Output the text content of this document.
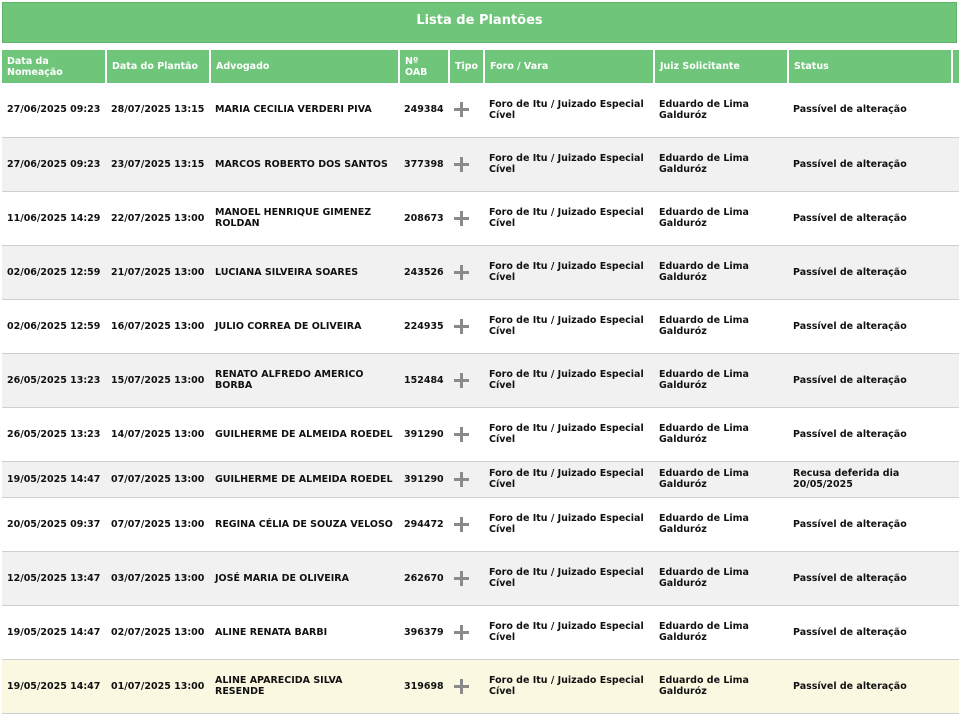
Lista de Plantões
Data da Nomeação	Data do Plantão	Advogado	Nº OAB	Tipo	Foro / Vara	Juiz Solicitante	Status	
27/06/2025 09:23	28/07/2025 13:15	MARIA CECILIA VERDERI PIVA	249384		Foro de Itu / Juizado Especial Cível	Eduardo de Lima Galduróz	Passível de alteração	
27/06/2025 09:23	23/07/2025 13:15	MARCOS ROBERTO DOS SANTOS	377398		Foro de Itu / Juizado Especial Cível	Eduardo de Lima Galduróz	Passível de alteração	
11/06/2025 14:29	22/07/2025 13:00	MANOEL HENRIQUE GIMENEZ ROLDAN	208673		Foro de Itu / Juizado Especial Cível	Eduardo de Lima Galduróz	Passível de alteração	
02/06/2025 12:59	21/07/2025 13:00	LUCIANA SILVEIRA SOARES	243526		Foro de Itu / Juizado Especial Cível	Eduardo de Lima Galduróz	Passível de alteração	
02/06/2025 12:59	16/07/2025 13:00	JULIO CORREA DE OLIVEIRA	224935		Foro de Itu / Juizado Especial Cível	Eduardo de Lima Galduróz	Passível de alteração	
26/05/2025 13:23	15/07/2025 13:00	RENATO ALFREDO AMERICO BORBA	152484		Foro de Itu / Juizado Especial Cível	Eduardo de Lima Galduróz	Passível de alteração	
26/05/2025 13:23	14/07/2025 13:00	GUILHERME DE ALMEIDA ROEDEL	391290		Foro de Itu / Juizado Especial Cível	Eduardo de Lima Galduróz	Passível de alteração	
19/05/2025 14:47	07/07/2025 13:00	GUILHERME DE ALMEIDA ROEDEL	391290		Foro de Itu / Juizado Especial Cível	Eduardo de Lima Galduróz	Recusa deferida dia 20/05/2025	
20/05/2025 09:37	07/07/2025 13:00	REGINA CÉLIA DE SOUZA VELOSO	294472		Foro de Itu / Juizado Especial Cível	Eduardo de Lima Galduróz	Passível de alteração	
12/05/2025 13:47	03/07/2025 13:00	JOSÉ MARIA DE OLIVEIRA	262670		Foro de Itu / Juizado Especial Cível	Eduardo de Lima Galduróz	Passível de alteração	
19/05/2025 14:47	02/07/2025 13:00	ALINE RENATA BARBI	396379		Foro de Itu / Juizado Especial Cível	Eduardo de Lima Galduróz	Passível de alteração	
19/05/2025 14:47	01/07/2025 13:00	ALINE APARECIDA SILVA RESENDE	319698		Foro de Itu / Juizado Especial Cível	Eduardo de Lima Galduróz	Passível de alteração	
